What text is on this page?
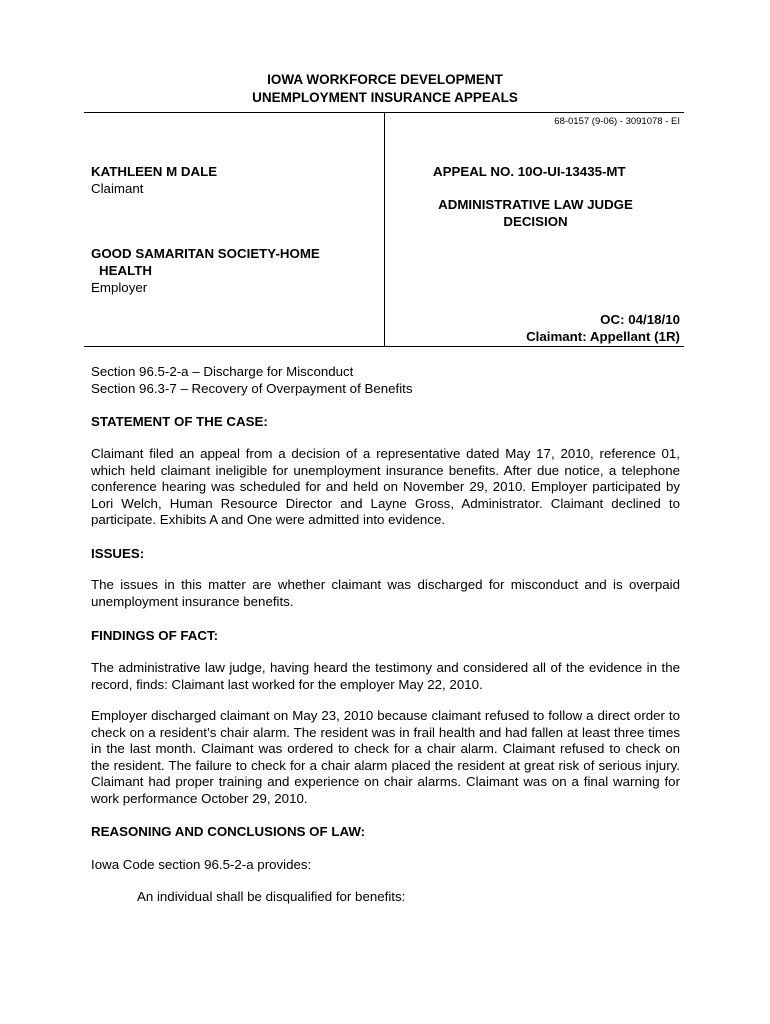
IOWA WORKFORCE DEVELOPMENT
UNEMPLOYMENT INSURANCE APPEALS
68-0157 (9-06) - 3091078 - EI
KATHLEEN M DALE
Claimant
GOOD SAMARITAN SOCIETY-HOME
HEALTH
Employer
APPEAL NO. 10O-UI-13435-MT
ADMINISTRATIVE LAW JUDGE
DECISION
OC: 04/18/10
Claimant: Appellant (1R)
Section 96.5-2-a – Discharge for Misconduct
Section 96.3-7 – Recovery of Overpayment of Benefits
STATEMENT OF THE CASE:
Claimant filed an appeal from a decision of a representative dated May 17, 2010, reference 01, which held claimant ineligible for unemployment insurance benefits. After due notice, a telephone conference hearing was scheduled for and held on November 29, 2010. Employer participated by Lori Welch, Human Resource Director and Layne Gross, Administrator. Claimant declined to participate. Exhibits A and One were admitted into evidence.
ISSUES:
The issues in this matter are whether claimant was discharged for misconduct and is overpaid unemployment insurance benefits.
FINDINGS OF FACT:
The administrative law judge, having heard the testimony and considered all of the evidence in the record, finds: Claimant last worked for the employer May 22, 2010.
Employer discharged claimant on May 23, 2010 because claimant refused to follow a direct order to check on a resident’s chair alarm. The resident was in frail health and had fallen at least three times in the last month. Claimant was ordered to check for a chair alarm. Claimant refused to check on the resident. The failure to check for a chair alarm placed the resident at great risk of serious injury. Claimant had proper training and experience on chair alarms. Claimant was on a final warning for work performance October 29, 2010.
REASONING AND CONCLUSIONS OF LAW:
Iowa Code section 96.5-2-a provides:
An individual shall be disqualified for benefits:
